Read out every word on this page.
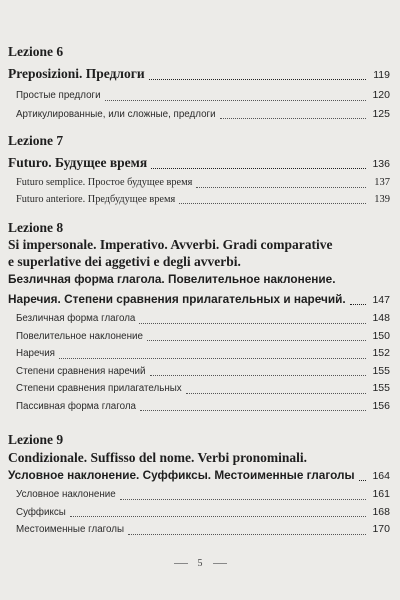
Lezione 6
Preposizioni. Предлоги	119
Простые предлоги	120
Артикулированные, или сложные, предлоги	125
Lezione 7
Futuro. Будущее время	136
Futuro semplice. Простое будущее время	137
Futuro anteriore. Предбудущее время	139
Lezione 8
Si impersonale. Imperativo. Avverbi. Gradi comparative
e superlative dei aggetivi e degli avverbi.
Безличная форма глагола. Повелительное наклонение.
Наречия. Степени сравнения прилагательных и наречий.	147
Безличная форма глагола	148
Повелительное наклонение	150
Наречия	152
Степени сравнения наречий	155
Степени сравнения прилагательных	155
Пассивная форма глагола	156
Lezione 9
Condizionale. Suffisso del nome. Verbi pronominali.
Условное наклонение. Суффиксы. Местоименные глаголы 164
Условное наклонение	161
Суффиксы	168
Местоименные глаголы	170
5
